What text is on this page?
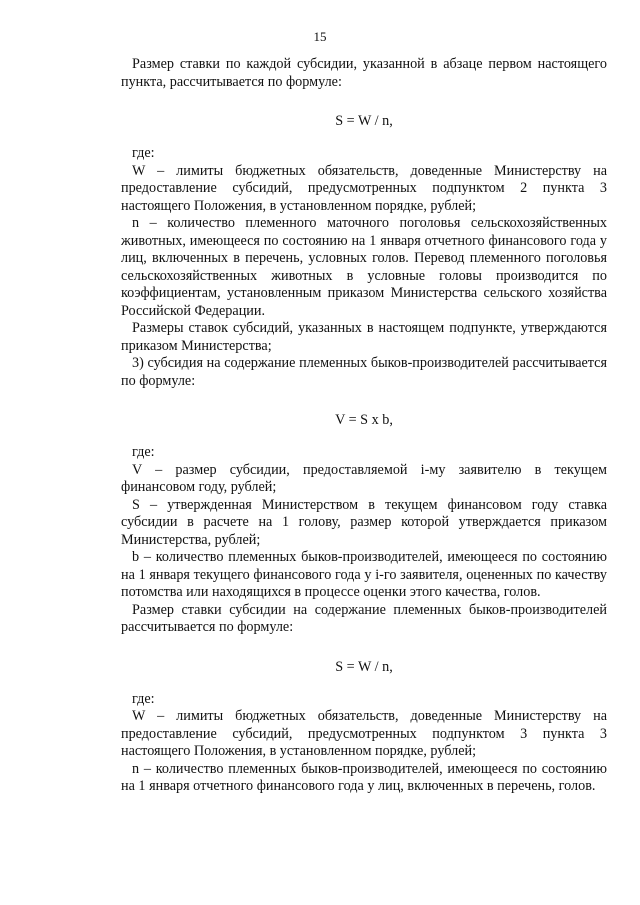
15

Размер ставки по каждой субсидии, указанной в абзаце первом настоящего пункта, рассчитывается по формуле:

S = W / n,

где:

W – лимиты бюджетных обязательств, доведенные Министерству на предоставление субсидий, предусмотренных подпунктом 2 пункта 3 настоящего Положения, в установленном порядке, рублей;

n – количество племенного маточного поголовья сельскохозяйственных животных, имеющееся по состоянию на 1 января отчетного финансового года у лиц, включенных в перечень, условных голов. Перевод племенного поголовья сельскохозяйственных животных в условные головы производится по коэффициентам, установленным приказом Министерства сельского хозяйства Российской Федерации.

Размеры ставок субсидий, указанных в настоящем подпункте, утверждаются приказом Министерства;

3) субсидия на содержание племенных быков-производителей рассчитывается по формуле:

V = S x b,

где:

V – размер субсидии, предоставляемой i-му заявителю в текущем финансовом году, рублей;

S – утвержденная Министерством в текущем финансовом году ставка субсидии в расчете на 1 голову, размер которой утверждается приказом Министерства, рублей;

b – количество племенных быков-производителей, имеющееся по состоянию на 1 января текущего финансового года у i-го заявителя, оцененных по качеству потомства или находящихся в процессе оценки этого качества, голов.

Размер ставки субсидии на содержание племенных быков-производителей рассчитывается по формуле:

S = W / n,

где:

W – лимиты бюджетных обязательств, доведенные Министерству на предоставление субсидий, предусмотренных подпунктом 3 пункта 3 настоящего Положения, в установленном порядке, рублей;

n – количество племенных быков-производителей, имеющееся по состоянию на 1 января отчетного финансового года у лиц, включенных в перечень, голов.
